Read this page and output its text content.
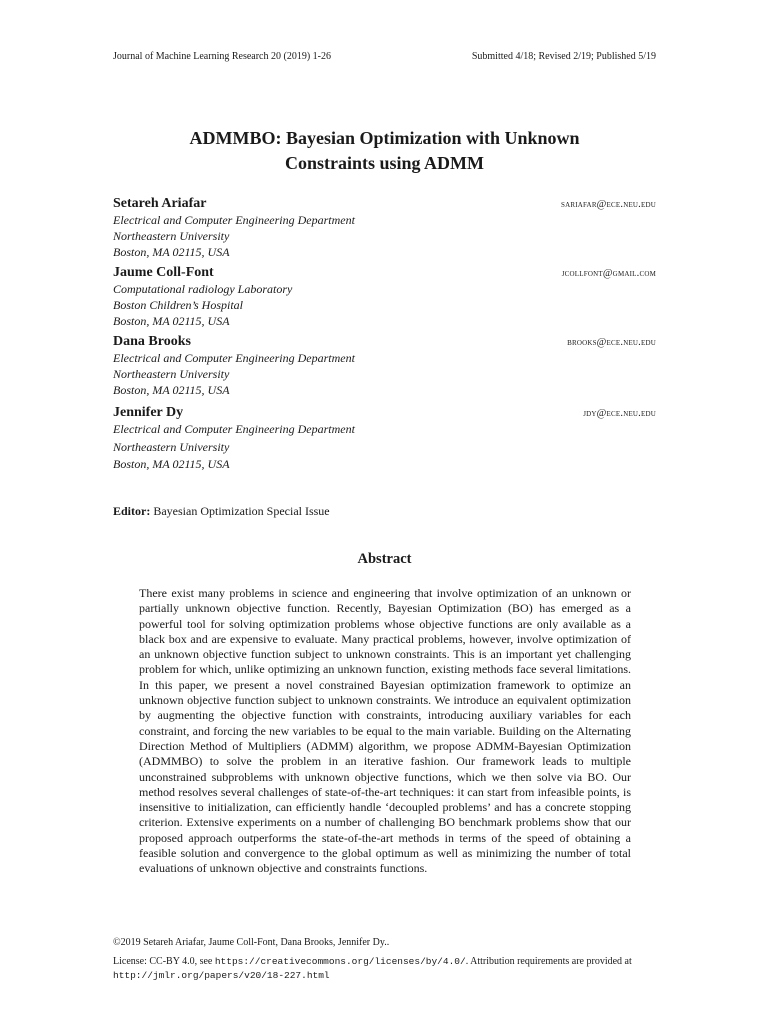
Journal of Machine Learning Research 20 (2019) 1-26	Submitted 4/18; Revised 2/19; Published 5/19
ADMMBO: Bayesian Optimization with Unknown
Constraints using ADMM
Setareh Ariafar	sariafar@ece.neu.edu
Electrical and Computer Engineering Department
Northeastern University
Boston, MA 02115, USA
Jaume Coll-Font	jcollfont@gmail.com
Computational radiology Laboratory
Boston Children’s Hospital
Boston, MA 02115, USA
Dana Brooks	brooks@ece.neu.edu
Electrical and Computer Engineering Department
Northeastern University
Boston, MA 02115, USA
Jennifer Dy	jdy@ece.neu.edu
Electrical and Computer Engineering Department
Northeastern University
Boston, MA 02115, USA
Editor: Bayesian Optimization Special Issue
Abstract
There exist many problems in science and engineering that involve optimization of an unknown or partially unknown objective function. Recently, Bayesian Optimization (BO) has emerged as a powerful tool for solving optimization problems whose objective functions are only available as a black box and are expensive to evaluate. Many practical problems, however, involve optimization of an unknown objective function subject to unknown constraints. This is an important yet challenging problem for which, unlike optimizing an unknown function, existing methods face several limitations. In this paper, we present a novel constrained Bayesian optimization framework to optimize an unknown objective function subject to unknown constraints. We introduce an equivalent optimization by augmenting the objective function with constraints, introducing auxiliary variables for each constraint, and forcing the new variables to be equal to the main variable. Building on the Alternating Direction Method of Multipliers (ADMM) algorithm, we propose ADMM-Bayesian Optimization (ADMMBO) to solve the problem in an iterative fashion. Our framework leads to multiple unconstrained subproblems with unknown objective functions, which we then solve via BO. Our method resolves several challenges of state-of-the-art techniques: it can start from infeasible points, is insensitive to initialization, can efficiently handle ‘decoupled problems’ and has a concrete stopping criterion. Extensive experiments on a number of challenging BO benchmark problems show that our proposed approach outperforms the state-of-the-art methods in terms of the speed of obtaining a feasible solution and convergence to the global optimum as well as minimizing the number of total evaluations of unknown objective and constraints functions.
©2019 Setareh Ariafar, Jaume Coll-Font, Dana Brooks, Jennifer Dy..
License: CC-BY 4.0, see https://creativecommons.org/licenses/by/4.0/. Attribution requirements are provided at http://jmlr.org/papers/v20/18-227.html
